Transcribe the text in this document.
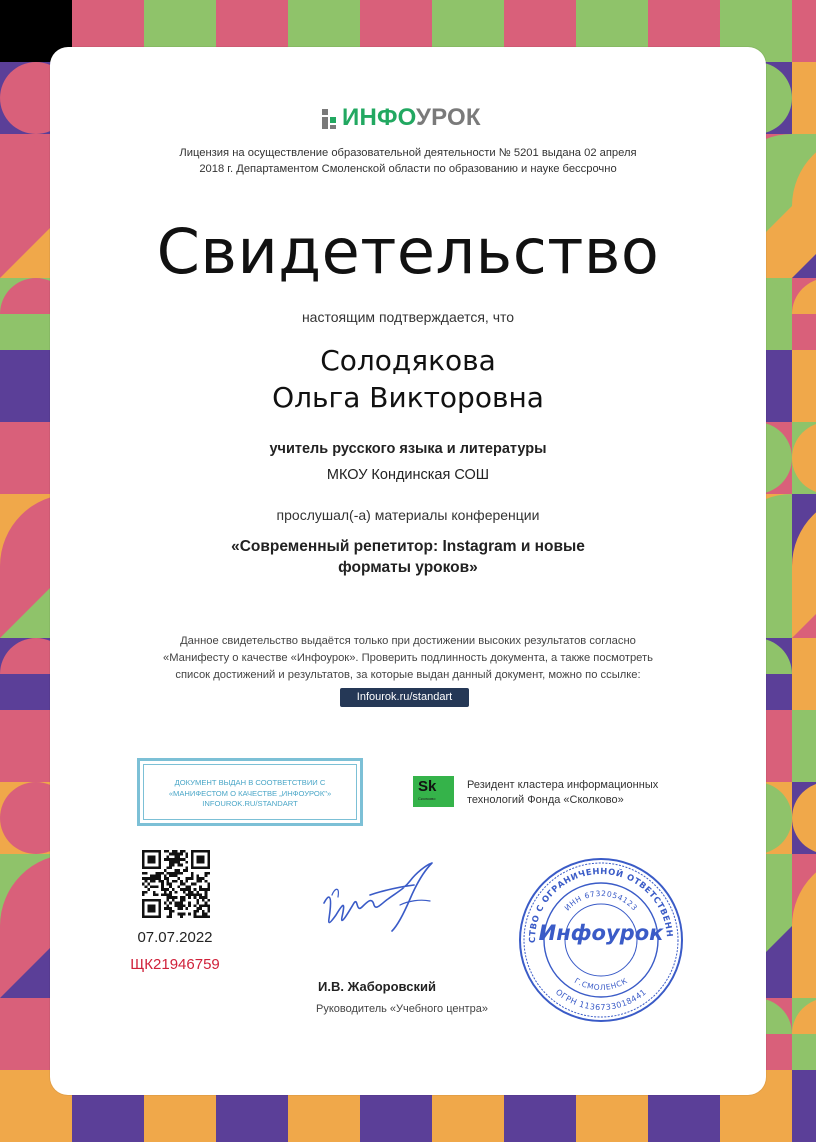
ИНФОУРОК
Лицензия на осуществление образовательной деятельности № 5201 выдана 02 апреля
2018 г. Департаментом Смоленской области по образованию и науке бессрочно
Свидетельство
настоящим подтверждается, что
Солодякова
Ольга Викторовна
учитель русского языка и литературы
МКОУ Кондинская СОШ
прослушал(-а) материалы конференции
«Современный репетитор: Instagram и новые
форматы уроков»
Данное свидетельство выдаётся только при достижении высоких результатов согласно
«Манифесту о качестве «Инфоурок». Проверить подлинность документа, а также посмотреть
список достижений и результатов, за которые выдан данный документ, можно по ссылке:
Infourok.ru/standart
ДОКУМЕНТ ВЫДАН В СООТВЕТСТВИИ С
«МАНИФЕСТОМ О КАЧЕСТВЕ „ИНФОУРОК"»
INFOUROK.RU/STANDART
Sk
Сколково
Резидент кластера информационных
технологий Фонда «Сколково»
07.07.2022
ЩК21946759
И.В. Жаборовский
Руководитель «Учебного центра»
СТВО С ОГРАНИЧЕННОЙ ОТВЕТСТВЕНН
ОГРН 1136733018441
ИНН 6732054123
Г.СМОЛЕНСК
Инфоурок
